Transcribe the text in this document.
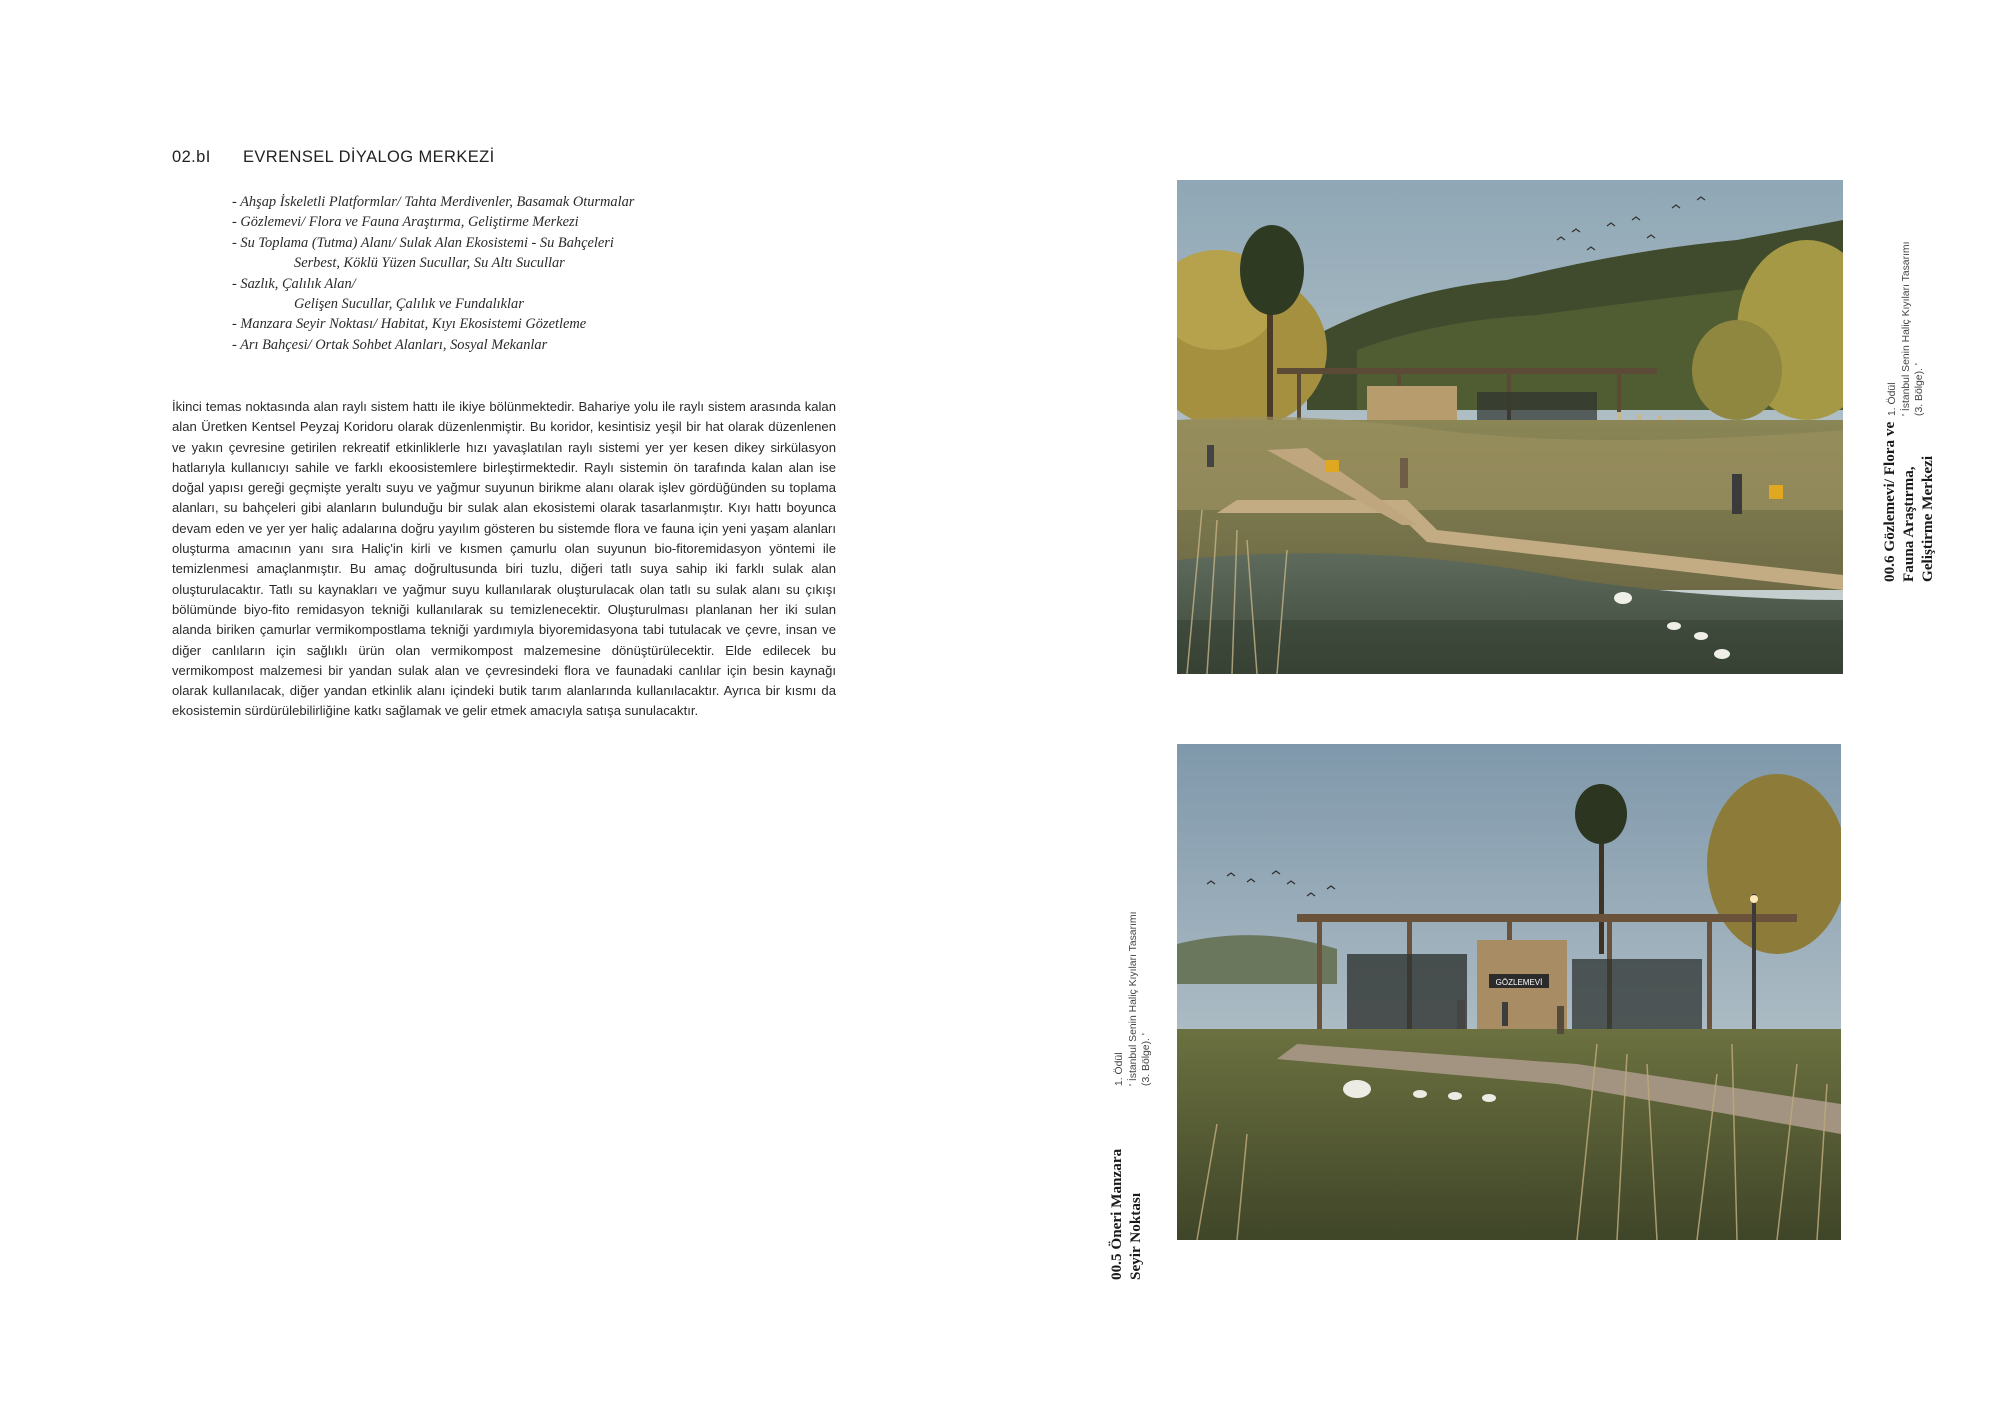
02.bI EVRENSEL DİYALOG MERKEZİ
- Ahşap İskeletli Platformlar/ Tahta Merdivenler, Basamak Oturmalar
- Gözlemevi/ Flora ve Fauna Araştırma, Geliştirme Merkezi
- Su Toplama (Tutma) Alanı/ Sulak Alan Ekosistemi - Su Bahçeleri
Serbest, Köklü Yüzen Sucullar, Su Altı Sucullar
- Sazlık, Çalılık Alan/
Gelişen Sucullar, Çalılık ve Fundalıklar
- Manzara Seyir Noktası/ Habitat, Kıyı Ekosistemi Gözetleme
- Arı Bahçesi/ Ortak Sohbet Alanları, Sosyal Mekanlar

İkinci temas noktasında alan raylı sistem hattı ile ikiye bölünmektedir. Bahariye yolu ile raylı sistem arasında kalan alan Üretken Kentsel Peyzaj Koridoru olarak düzenlenmiştir. Bu koridor, kesintisiz yeşil bir hat olarak düzenlenen ve yakın çevresine getirilen rekreatif etkinliklerle hızı yavaşlatılan raylı sistemi yer yer kesen dikey sirkülasyon hatlarıyla kullanıcıyı sahile ve farklı ekoosistemlere birleştirmektedir. Raylı sistemin ön tarafında kalan alan ise doğal yapısı gereği geçmişte yeraltı suyu ve yağmur suyunun birikme alanı olarak işlev gördüğünden su toplama alanları, su bahçeleri gibi alanların bulunduğu bir sulak alan ekosistemi olarak tasarlanmıştır. Kıyı hattı boyunca devam eden ve yer yer haliç adalarına doğru yayılım gösteren bu sistemde flora ve fauna için yeni yaşam alanları oluşturma amacının yanı sıra Haliç'in kirli ve kısmen çamurlu olan suyunun bio-fitoremidasyon yöntemi ile temizlenmesi amaçlanmıştır. Bu amaç doğrultusunda biri tuzlu, diğeri tatlı suya sahip iki farklı sulak alan oluşturulacaktır. Tatlı su kaynakları ve yağmur suyu kullanılarak oluşturulacak olan tatlı su sulak alanı su çıkışı bölümünde biyo-fito remidasyon tekniği kullanılarak su temizlenecektir. Oluşturulması planlanan her iki sulan alanda biriken çamurlar vermikompostlama tekniği yardımıyla biyoremidasyona tabi tutulacak ve çevre, insan ve diğer canlıların için sağlıklı ürün olan vermikompost malzemesine dönüştürülecektir. Elde edilecek bu vermikompost malzemesi bir yandan sulak alan ve çevresindeki flora ve faunadaki canlılar için besin kaynağı olarak kullanılacak, diğer yandan etkinlik alanı içindeki butik tarım alanlarında kullanılacaktır. Ayrıca bir kısmı da ekosistemin sürdürülebilirliğine katkı sağlamak ve gelir etmek amacıyla satışa sunulacaktır.

GÖZLEMEVİ
00.6 Gözlemevi/ Flora ve Fauna Araştırma, Geliştirme Merkezi
1. Ödül ' İstanbul Senin Haliç Kıyıları Tasarımı (3. Bölge). '
00.5 Öneri Manzara Seyir Noktası
1. Ödül ' İstanbul Senin Haliç Kıyıları Tasarımı (3. Bölge). '
